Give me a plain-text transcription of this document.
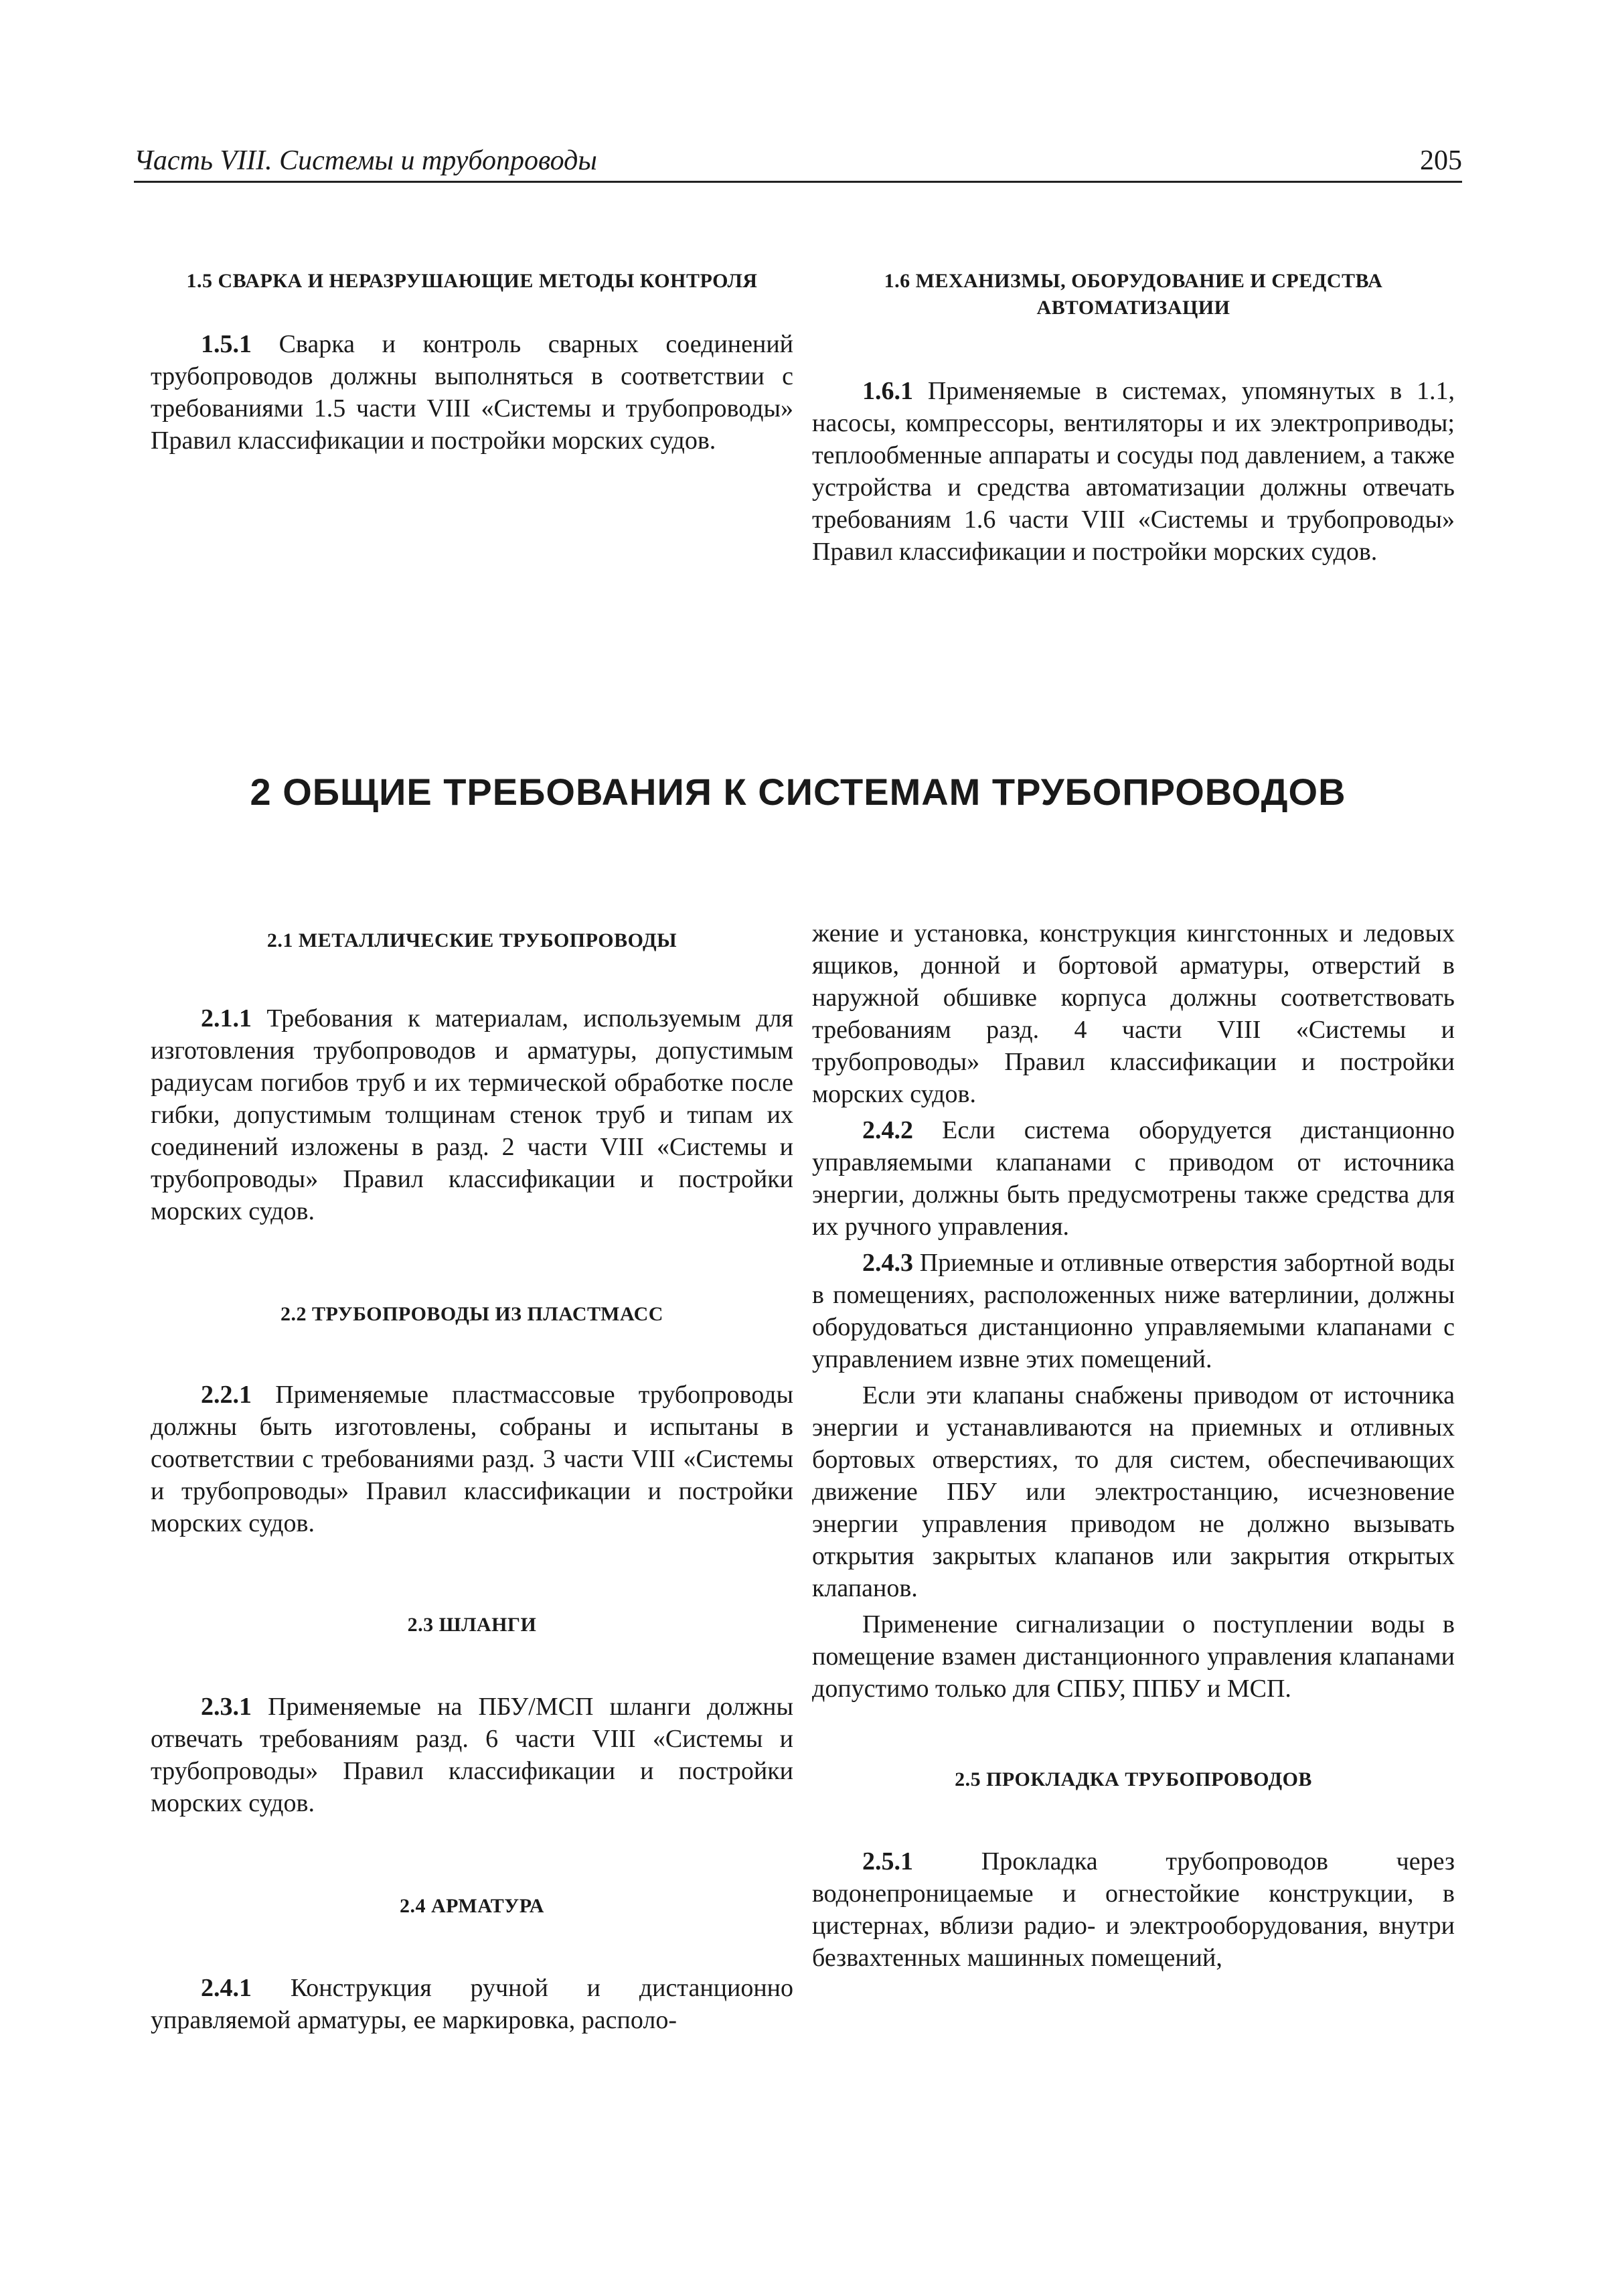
Часть VIII. Системы и трубопроводы	205

1.5 СВАРКА И НЕРАЗРУШАЮЩИЕ МЕТОДЫ КОНТРОЛЯ

1.5.1 Сварка и контроль сварных соединений трубопроводов должны выполняться в соответствии с требованиями 1.5 части VIII «Системы и трубопроводы» Правил классификации и постройки морских судов.

1.6 МЕХАНИЗМЫ, ОБОРУДОВАНИЕ И СРЕДСТВА АВТОМАТИЗАЦИИ

1.6.1 Применяемые в системах, упомянутых в 1.1, насосы, компрессоры, вентиляторы и их электроприводы; теплообменные аппараты и сосуды под давлением, а также устройства и средства автоматизации должны отвечать требованиям 1.6 части VIII «Системы и трубопроводы» Правил классификации и постройки морских судов.

2 ОБЩИЕ ТРЕБОВАНИЯ К СИСТЕМАМ ТРУБОПРОВОДОВ

2.1 МЕТАЛЛИЧЕСКИЕ ТРУБОПРОВОДЫ

2.1.1 Требования к материалам, используемым для изготовления трубопроводов и арматуры, допустимым радиусам погибов труб и их термической обработке после гибки, допустимым толщинам стенок труб и типам их соединений изложены в разд. 2 части VIII «Системы и трубопроводы» Правил классификации и постройки морских судов.

2.2 ТРУБОПРОВОДЫ ИЗ ПЛАСТМАСС

2.2.1 Применяемые пластмассовые трубопроводы должны быть изготовлены, собраны и испытаны в соответствии с требованиями разд. 3 части VIII «Системы и трубопроводы» Правил классификации и постройки морских судов.

2.3 ШЛАНГИ

2.3.1 Применяемые на ПБУ/МСП шланги должны отвечать требованиям разд. 6 части VIII «Системы и трубопроводы» Правил классификации и постройки морских судов.

2.4 АРМАТУРА

2.4.1 Конструкция ручной и дистанционно управляемой арматуры, ее маркировка, располо-

жение и установка, конструкция кингстонных и ледовых ящиков, донной и бортовой арматуры, отверстий в наружной обшивке корпуса должны соответствовать требованиям разд. 4 части VIII «Системы и трубопроводы» Правил классификации и постройки морских судов.

2.4.2 Если система оборудуется дистанционно управляемыми клапанами с приводом от источника энергии, должны быть предусмотрены также средства для их ручного управления.

2.4.3 Приемные и отливные отверстия забортной воды в помещениях, расположенных ниже ватерлинии, должны оборудоваться дистанционно управляемыми клапанами с управлением извне этих помещений.

Если эти клапаны снабжены приводом от источника энергии и устанавливаются на приемных и отливных бортовых отверстиях, то для систем, обеспечивающих движение ПБУ или электростанцию, исчезновение энергии управления приводом не должно вызывать открытия закрытых клапанов или закрытия открытых клапанов.

Применение сигнализации о поступлении воды в помещение взамен дистанционного управления клапанами допустимо только для СПБУ, ППБУ и МСП.

2.5 ПРОКЛАДКА ТРУБОПРОВОДОВ

2.5.1 Прокладка трубопроводов через водонепроницаемые и огнестойкие конструкции, в цистернах, вблизи радио- и электрооборудования, внутри безвахтенных машинных помещений,
